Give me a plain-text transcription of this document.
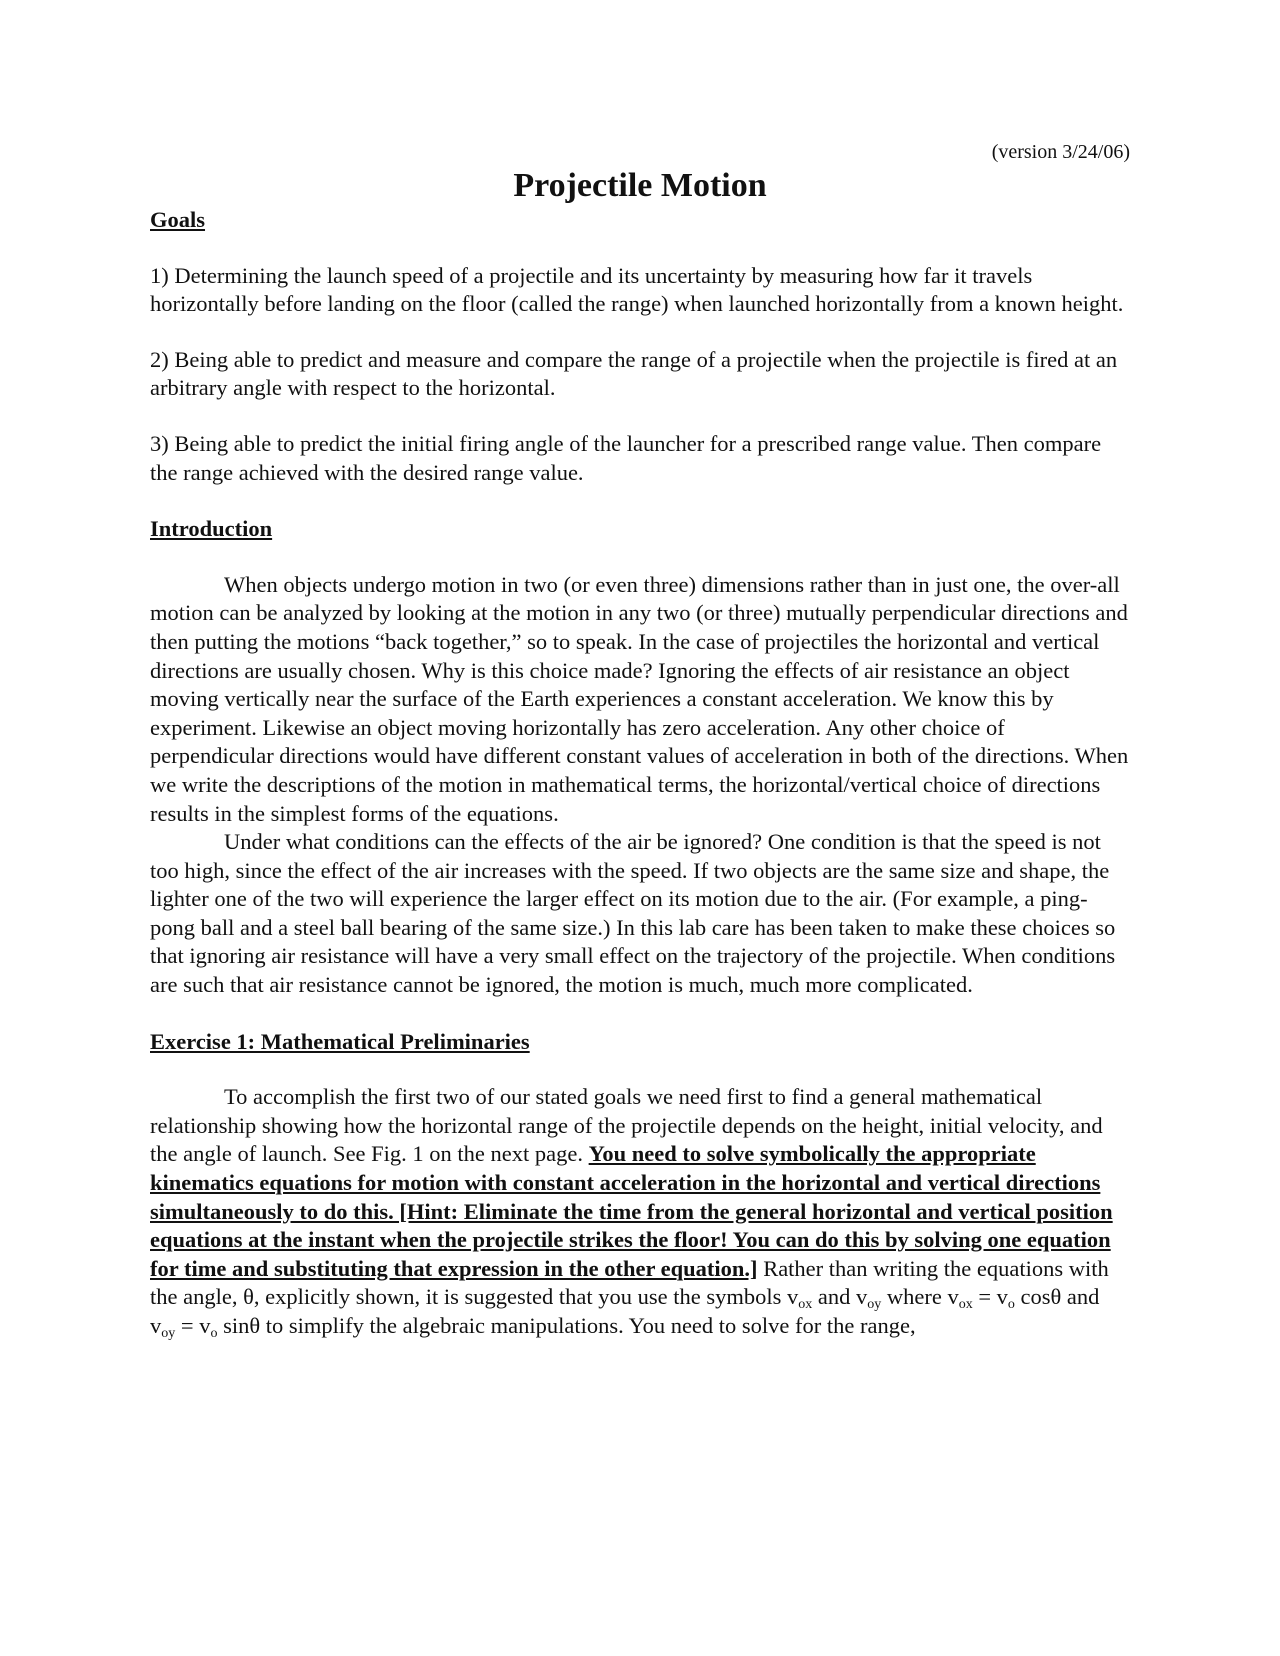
(version 3/24/06)
Projectile Motion
Goals

1) Determining the launch speed of a projectile and its uncertainty by measuring how far it travels horizontally before landing on the floor (called the range) when launched horizontally from a known height.

2) Being able to predict and measure and compare the range of a projectile when the projectile is fired at an arbitrary angle with respect to the horizontal.

3) Being able to predict the initial firing angle of the launcher for a prescribed range value. Then compare the range achieved with the desired range value.

Introduction

When objects undergo motion in two (or even three) dimensions rather than in just one, the over-all motion can be analyzed by looking at the motion in any two (or three) mutually perpendicular directions and then putting the motions “back together,” so to speak. In the case of projectiles the horizontal and vertical directions are usually chosen. Why is this choice made? Ignoring the effects of air resistance an object moving vertically near the surface of the Earth experiences a constant acceleration. We know this by experiment. Likewise an object moving horizontally has zero acceleration. Any other choice of perpendicular directions would have different constant values of acceleration in both of the directions. When we write the descriptions of the motion in mathematical terms, the horizontal/vertical choice of directions results in the simplest forms of the equations.

Under what conditions can the effects of the air be ignored? One condition is that the speed is not too high, since the effect of the air increases with the speed. If two objects are the same size and shape, the lighter one of the two will experience the larger effect on its motion due to the air. (For example, a ping-pong ball and a steel ball bearing of the same size.) In this lab care has been taken to make these choices so that ignoring air resistance will have a very small effect on the trajectory of the projectile. When conditions are such that air resistance cannot be ignored, the motion is much, much more complicated.

Exercise 1: Mathematical Preliminaries

To accomplish the first two of our stated goals we need first to find a general mathematical relationship showing how the horizontal range of the projectile depends on the height, initial velocity, and the angle of launch. See Fig. 1 on the next page. You need to solve symbolically the appropriate kinematics equations for motion with constant acceleration in the horizontal and vertical directions simultaneously to do this. [Hint: Eliminate the time from the general horizontal and vertical position equations at the instant when the projectile strikes the floor! You can do this by solving one equation for time and substituting that expression in the other equation.] Rather than writing the equations with the angle, θ, explicitly shown, it is suggested that you use the symbols $v_{ox}$ and $v_{oy}$ where $v_{ox} = v_o$ cosθ and $v_{oy} = v_o$ sinθ to simplify the algebraic manipulations. You need to solve for the range,
